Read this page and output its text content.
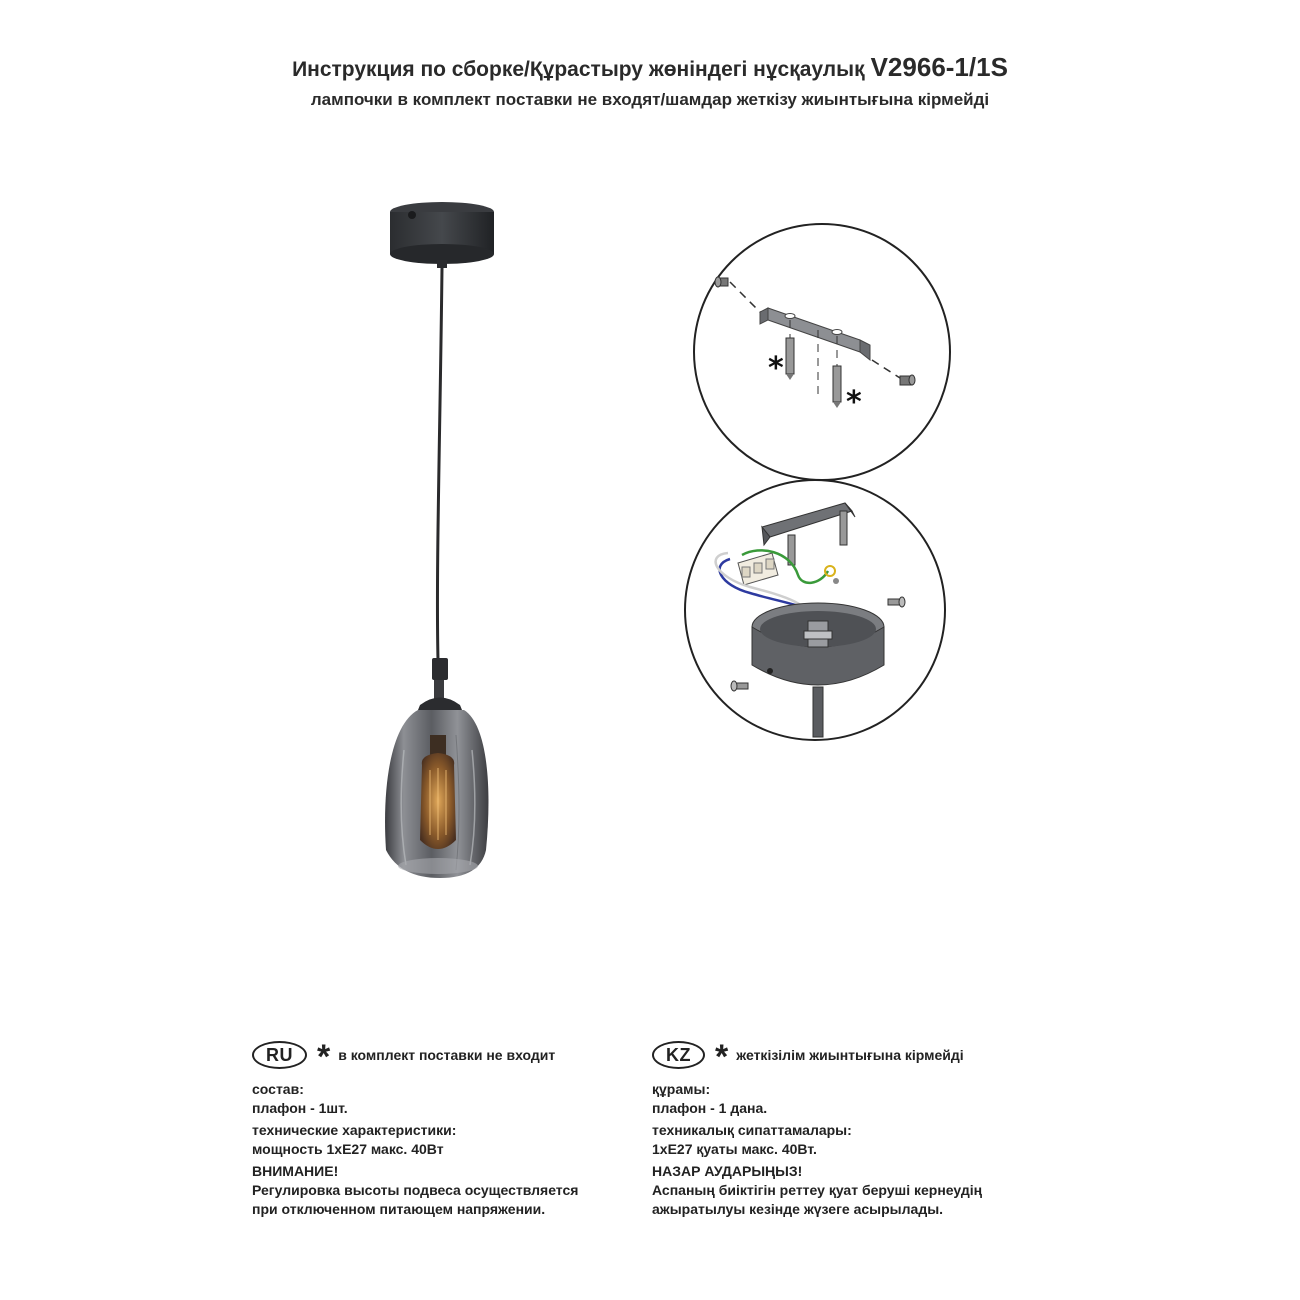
Инструкция по сборке/Құрастыру жөніндегі нұсқаулық V2966-1/1S
лампочки в комплект поставки не входят/шамдар жеткізу жиынтығына кірмейді
*
*
RU * в комплект поставки не входит
состав:
плафон - 1шт.
технические характеристики:
мощность 1хЕ27 макс. 40Вт
ВНИМАНИЕ!
Регулировка высоты подвеса осуществляется
при отключенном питающем напряжении.
KZ * жеткізілім жиынтығына кірмейді
құрамы:
плафон - 1 дана.
техникалық сипаттамалары:
1хЕ27 қуаты макс. 40Вт.
НАЗАР АУДАРЫҢЫЗ!
Аспаның биіктігін реттеу қуат беруші кернеудің
ажыратылуы кезінде жүзеге асырылады.
